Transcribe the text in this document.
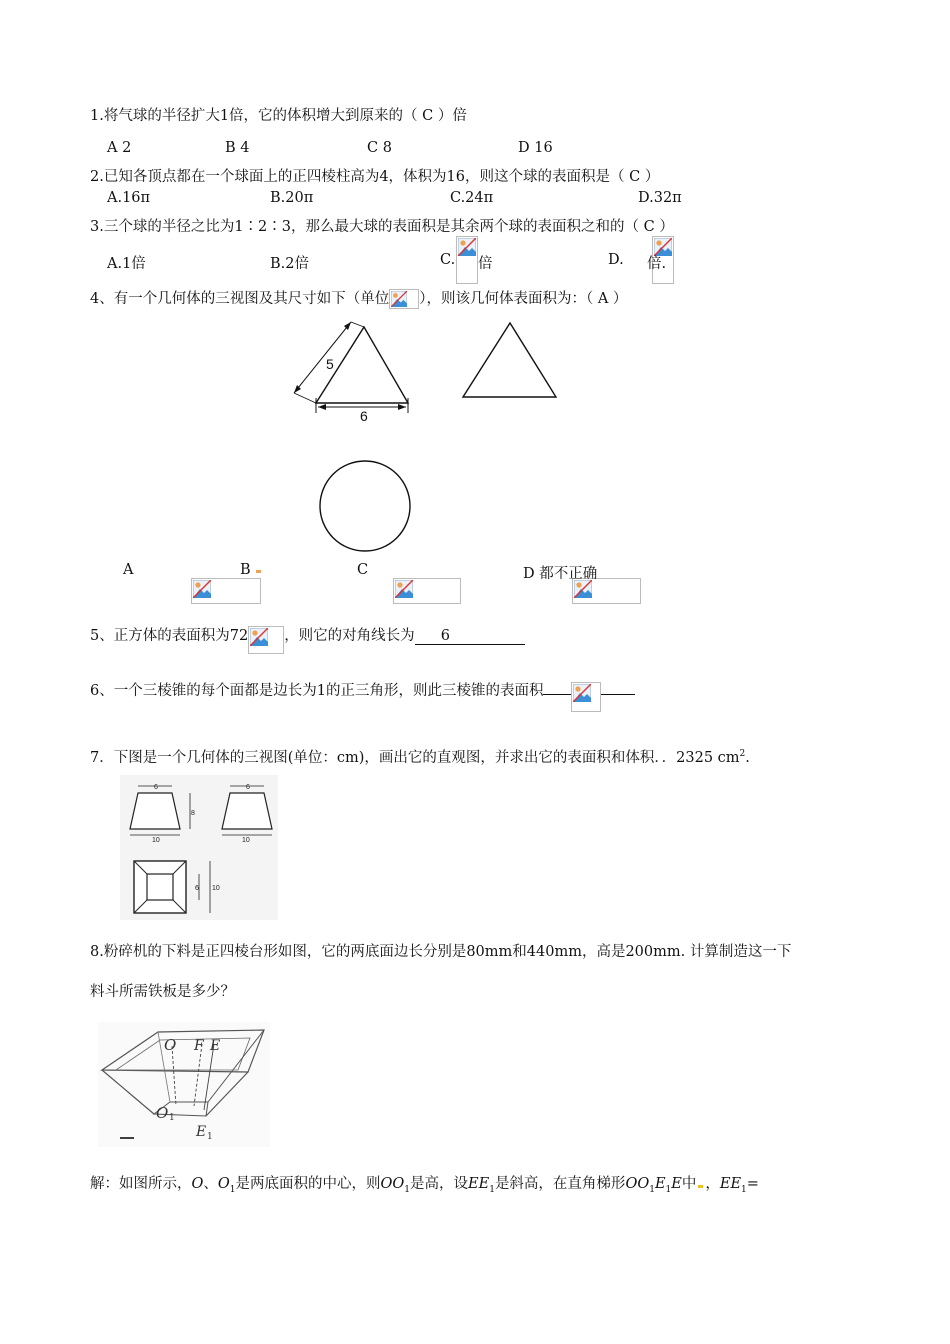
1.将气球的半径扩大1倍，它的体积增大到原来的（ C ）倍
A 2	B 4	C 8	D 16
2.已知各顶点都在一个球面上的正四棱柱高为4，体积为16，则这个球的表面积是（ C ）
A.16π	B.20π	C.24π	D.32π
3.三个球的半径之比为1∶2∶3，那么最大球的表面积是其余两个球的表面积之和的（ C ）
A.1倍	B.2倍	C.
倍	D.
倍.
4、有一个几何体的三视图及其尺寸如下（单位 ），则该几何体表面积为：（ A ）
5
6
A
	B
	C	D 都不正确
5、正方体的表面积为72 ，则它的对角线长为 6
6、一个三棱锥的每个面都是边长为1的正三角形，则此三棱锥的表面积
7．下图是一个几何体的三视图(单位：cm)，画出它的直观图，并求出它的表面积和体积．．2325 $cm^2$.
6
10
8
6
10
6 10
8.粉碎机的下料是正四棱台形如图，它的两底面边长分别是80mm和440mm，高是200mm. 计算制造这一下
料斗所需铁板是多少？
O F E
O 1
E 1
解：如图所示，O、$O_1$是两底面积的中心，则$OO_1$是高，设$EE_1$是斜高，在直角梯形$OO_1E_1E$中 ，$EE_1=$
